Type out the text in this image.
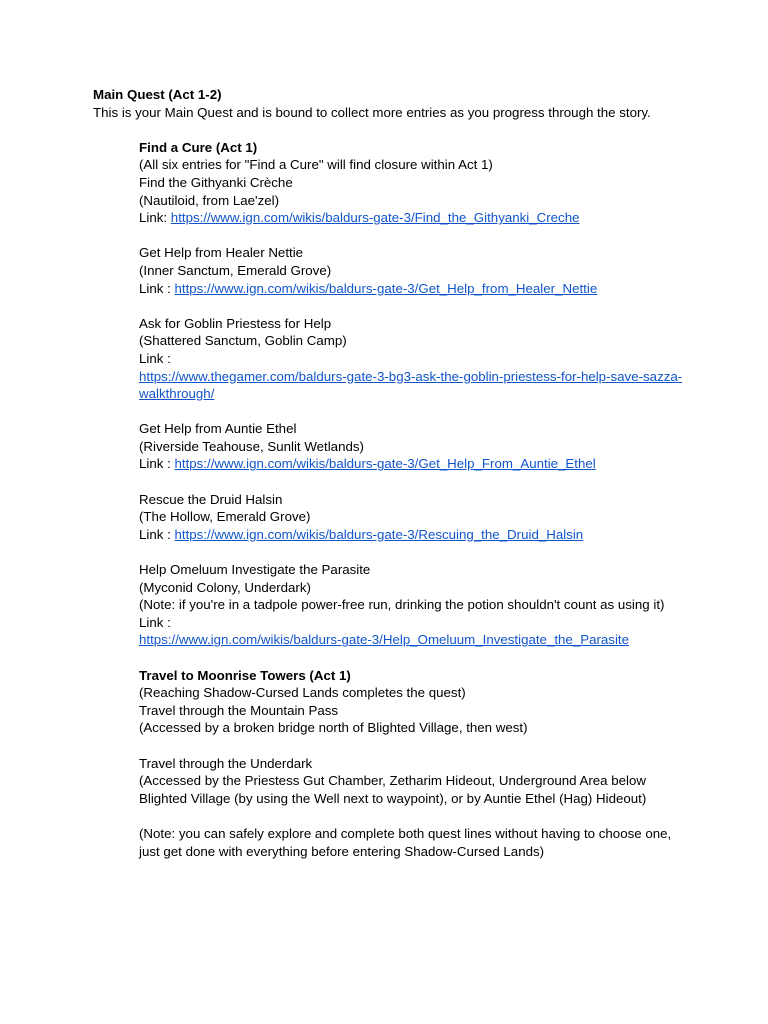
Main Quest (Act 1-2)
This is your Main Quest and is bound to collect more entries as you progress through the story.
Find a Cure (Act 1)
(All six entries for "Find a Cure" will find closure within Act 1)
Find the Githyanki Crèche
(Nautiloid, from Lae'zel)
Link: https://www.ign.com/wikis/baldurs-gate-3/Find_the_Githyanki_Creche
Get Help from Healer Nettie
(Inner Sanctum, Emerald Grove)
Link : https://www.ign.com/wikis/baldurs-gate-3/Get_Help_from_Healer_Nettie
Ask for Goblin Priestess for Help
(Shattered Sanctum, Goblin Camp)
Link :
https://www.thegamer.com/baldurs-gate-3-bg3-ask-the-goblin-priestess-for-help-save-sazza-walkthrough/
Get Help from Auntie Ethel
(Riverside Teahouse, Sunlit Wetlands)
Link : https://www.ign.com/wikis/baldurs-gate-3/Get_Help_From_Auntie_Ethel
Rescue the Druid Halsin
(The Hollow, Emerald Grove)
Link : https://www.ign.com/wikis/baldurs-gate-3/Rescuing_the_Druid_Halsin
Help Omeluum Investigate the Parasite
(Myconid Colony, Underdark)
(Note: if you're in a tadpole power-free run, drinking the potion shouldn't count as using it)
Link :
https://www.ign.com/wikis/baldurs-gate-3/Help_Omeluum_Investigate_the_Parasite
Travel to Moonrise Towers (Act 1)
(Reaching Shadow-Cursed Lands completes the quest)
Travel through the Mountain Pass
(Accessed by a broken bridge north of Blighted Village, then west)
Travel through the Underdark
(Accessed by the Priestess Gut Chamber, Zetharim Hideout, Underground Area below Blighted Village (by using the Well next to waypoint), or by Auntie Ethel (Hag) Hideout)
(Note: you can safely explore and complete both quest lines without having to choose one, just get done with everything before entering Shadow-Cursed Lands)
